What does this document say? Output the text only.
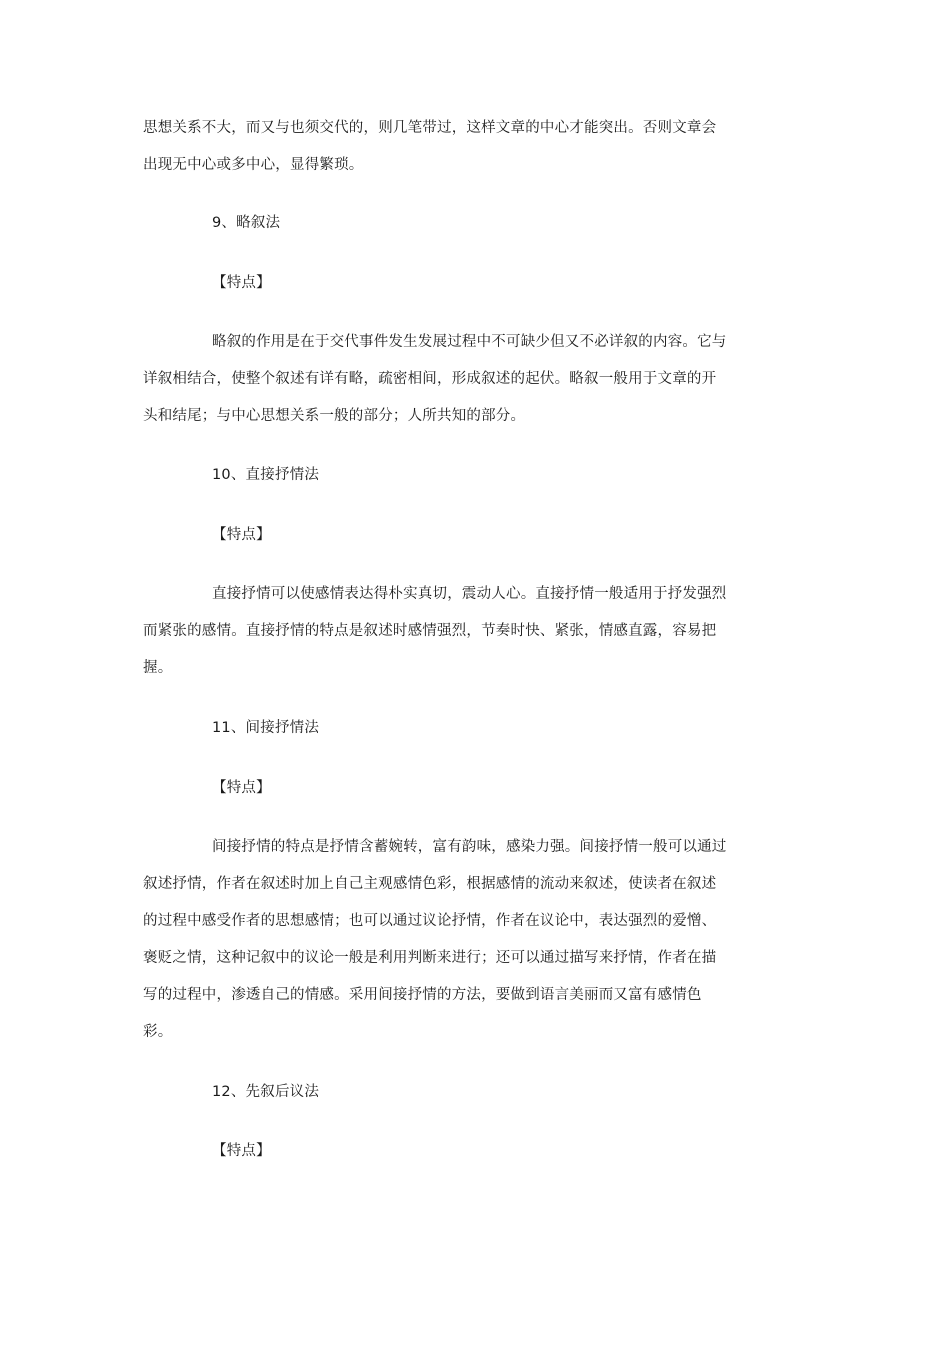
思想关系不大，而又与也须交代的，则几笔带过，这样文章的中心才能突出。否则文章会
出现无中心或多中心，显得繁琐。
9、略叙法
【特点】
略叙的作用是在于交代事件发生发展过程中不可缺少但又不必详叙的内容。它与
详叙相结合，使整个叙述有详有略，疏密相间，形成叙述的起伏。略叙一般用于文章的开
头和结尾；与中心思想关系一般的部分；人所共知的部分。
10、直接抒情法
【特点】
直接抒情可以使感情表达得朴实真切，震动人心。直接抒情一般适用于抒发强烈
而紧张的感情。直接抒情的特点是叙述时感情强烈，节奏时快、紧张，情感直露，容易把
握。
11、间接抒情法
【特点】
间接抒情的特点是抒情含蓄婉转，富有韵味，感染力强。间接抒情一般可以通过
叙述抒情，作者在叙述时加上自己主观感情色彩，根据感情的流动来叙述，使读者在叙述
的过程中感受作者的思想感情；也可以通过议论抒情，作者在议论中，表达强烈的爱憎、
褒贬之情，这种记叙中的议论一般是利用判断来进行；还可以通过描写来抒情，作者在描
写的过程中，渗透自己的情感。采用间接抒情的方法，要做到语言美丽而又富有感情色
彩。
12、先叙后议法
【特点】
